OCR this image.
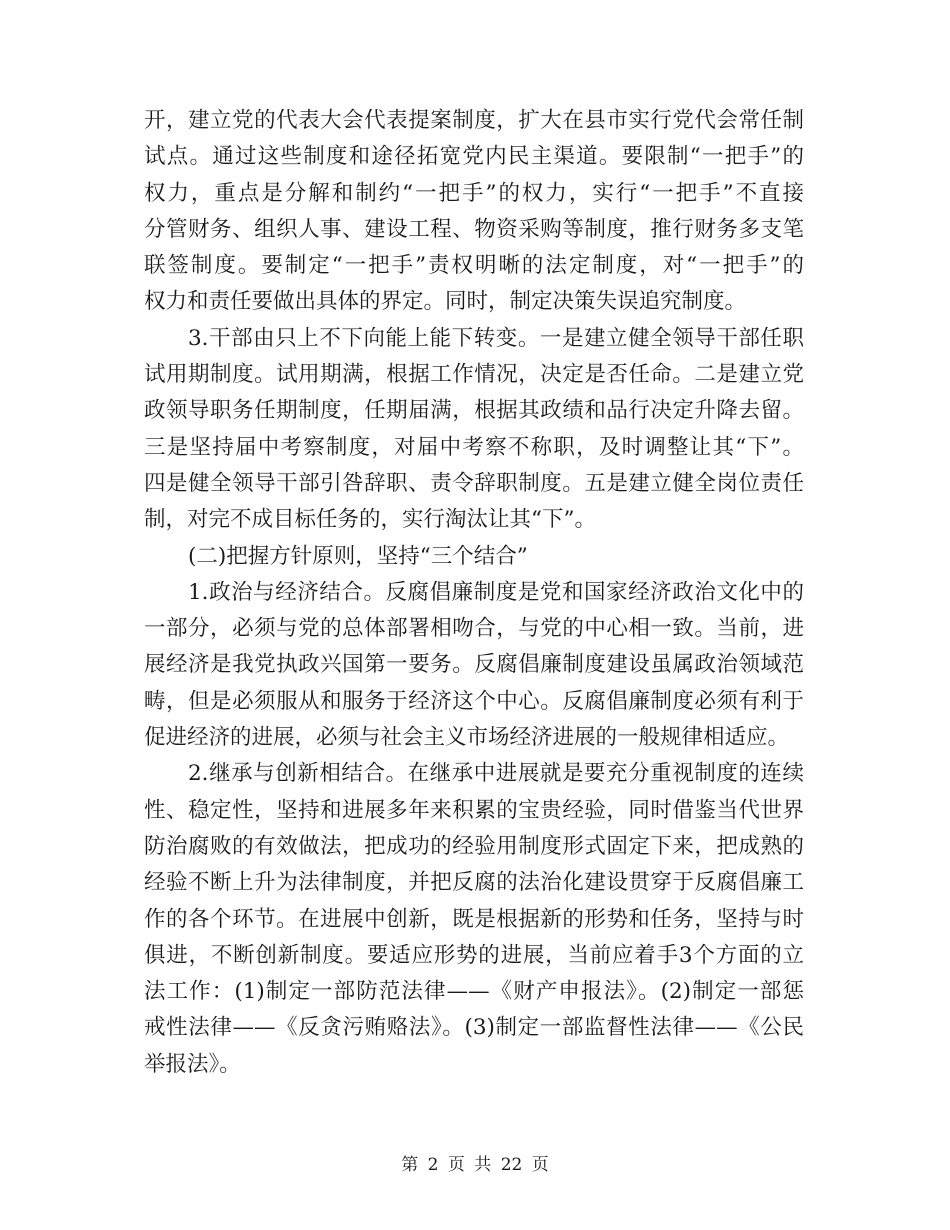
开，建立党的代表大会代表提案制度，扩大在县市实行党代会常任制
试点。通过这些制度和途径拓宽党内民主渠道。要限制“一把手”的
权力，重点是分解和制约“一把手”的权力，实行“一把手”不直接
分管财务、组织人事、建设工程、物资采购等制度，推行财务多支笔
联签制度。要制定“一把手”责权明晰的法定制度，对“一把手”的
权力和责任要做出具体的界定。同时，制定决策失误追究制度。
3.干部由只上不下向能上能下转变。一是建立健全领导干部任职
试用期制度。试用期满，根据工作情况，决定是否任命。二是建立党
政领导职务任期制度，任期届满，根据其政绩和品行决定升降去留。
三是坚持届中考察制度，对届中考察不称职，及时调整让其“下”。
四是健全领导干部引咎辞职、责令辞职制度。五是建立健全岗位责任
制，对完不成目标任务的，实行淘汰让其“下”。
(二)把握方针原则，坚持“三个结合”
1.政治与经济结合。反腐倡廉制度是党和国家经济政治文化中的
一部分，必须与党的总体部署相吻合，与党的中心相一致。当前，进
展经济是我党执政兴国第一要务。反腐倡廉制度建设虽属政治领域范
畴，但是必须服从和服务于经济这个中心。反腐倡廉制度必须有利于
促进经济的进展，必须与社会主义市场经济进展的一般规律相适应。
2.继承与创新相结合。在继承中进展就是要充分重视制度的连续
性、稳定性，坚持和进展多年来积累的宝贵经验，同时借鉴当代世界
防治腐败的有效做法，把成功的经验用制度形式固定下来，把成熟的
经验不断上升为法律制度，并把反腐的法治化建设贯穿于反腐倡廉工
作的各个环节。在进展中创新，既是根据新的形势和任务，坚持与时
俱进，不断创新制度。要适应形势的进展，当前应着手3个方面的立
法工作：(1)制定一部防范法律——《财产申报法》。(2)制定一部惩
戒性法律——《反贪污贿赂法》。(3)制定一部监督性法律——《公民
举报法》。
第 2 页 共 22 页
